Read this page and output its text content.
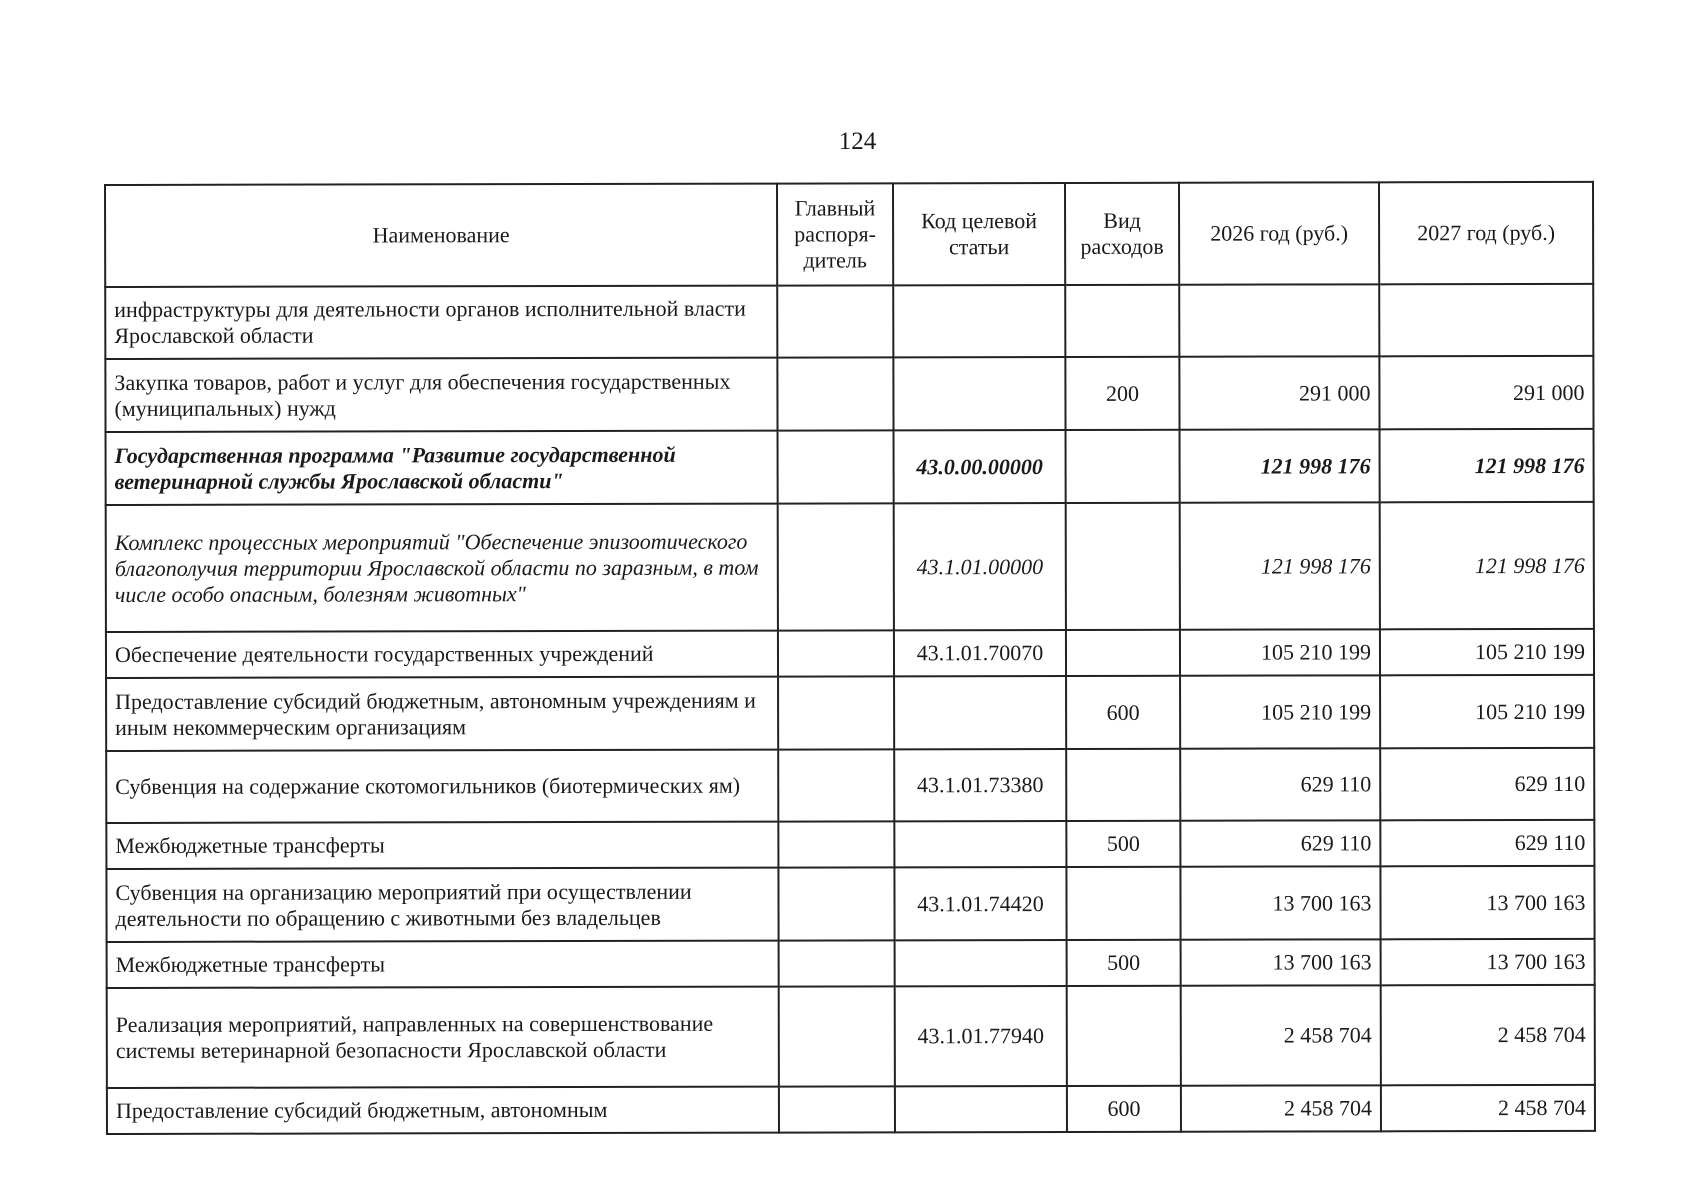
124
Наименование	Главный распоря-дитель	Код целевой статьи	Вид расходов	2026 год (руб.)	2027 год (руб.)
инфраструктуры для деятельности органов исполнительной власти Ярославской области					
Закупка товаров, работ и услуг для обеспечения государственных (муниципальных) нужд			200	291 000	291 000
Государственная программа "Развитие государственной ветеринарной службы Ярославской области"		43.0.00.00000		121 998 176	121 998 176
Комплекс процессных мероприятий "Обеспечение эпизоотического благополучия территории Ярославской области по заразным, в том числе особо опасным, болезням животных"		43.1.01.00000		121 998 176	121 998 176
Обеспечение деятельности государственных учреждений		43.1.01.70070		105 210 199	105 210 199
Предоставление субсидий бюджетным, автономным учреждениям и иным некоммерческим организациям			600	105 210 199	105 210 199
Субвенция на содержание скотомогильников (биотермических ям)		43.1.01.73380		629 110	629 110
Межбюджетные трансферты			500	629 110	629 110
Субвенция на организацию мероприятий при осуществлении деятельности по обращению с животными без владельцев		43.1.01.74420		13 700 163	13 700 163
Межбюджетные трансферты			500	13 700 163	13 700 163
Реализация мероприятий, направленных на совершенствование системы ветеринарной безопасности Ярославской области		43.1.01.77940		2 458 704	2 458 704
Предоставление субсидий бюджетным, автономным			600	2 458 704	2 458 704
